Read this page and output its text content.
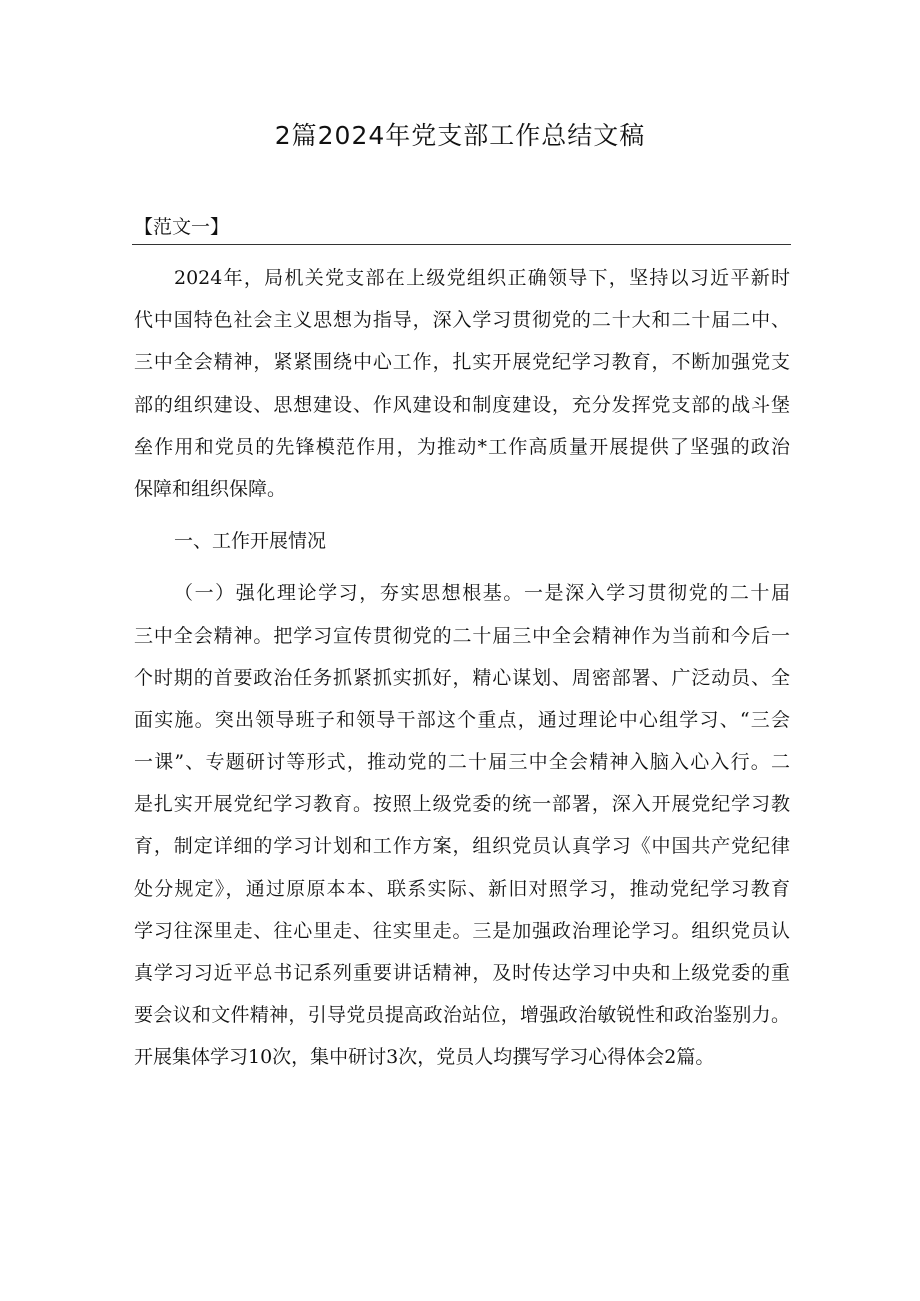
2篇2024年党支部工作总结文稿
【范文一】
2024年，局机关党支部在上级党组织正确领导下，坚持以习近平新时
代中国特色社会主义思想为指导，深入学习贯彻党的二十大和二十届二中、
三中全会精神，紧紧围绕中心工作，扎实开展党纪学习教育，不断加强党支
部的组织建设、思想建设、作风建设和制度建设，充分发挥党支部的战斗堡
垒作用和党员的先锋模范作用，为推动*工作高质量开展提供了坚强的政治
保障和组织保障。
一、工作开展情况
（一）强化理论学习，夯实思想根基。一是深入学习贯彻党的二十届
三中全会精神。把学习宣传贯彻党的二十届三中全会精神作为当前和今后一
个时期的首要政治任务抓紧抓实抓好，精心谋划、周密部署、广泛动员、全
面实施。突出领导班子和领导干部这个重点，通过理论中心组学习、“三会
一课”、专题研讨等形式，推动党的二十届三中全会精神入脑入心入行。二
是扎实开展党纪学习教育。按照上级党委的统一部署，深入开展党纪学习教
育，制定详细的学习计划和工作方案，组织党员认真学习《中国共产党纪律
处分规定》，通过原原本本、联系实际、新旧对照学习，推动党纪学习教育
学习往深里走、往心里走、往实里走。三是加强政治理论学习。组织党员认
真学习习近平总书记系列重要讲话精神，及时传达学习中央和上级党委的重
要会议和文件精神，引导党员提高政治站位，增强政治敏锐性和政治鉴别力。
开展集体学习10次，集中研讨3次，党员人均撰写学习心得体会2篇。
